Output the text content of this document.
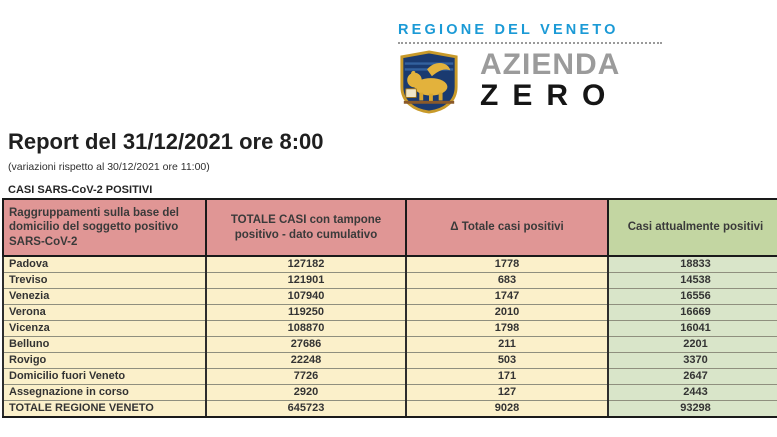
REGIONE DEL VENETO
AZIENDA
ZERO
Report del 31/12/2021 ore 8:00
(variazioni rispetto al 30/12/2021 ore 11:00)
CASI SARS-CoV-2 POSITIVI
Raggruppamenti sulla base del domicilio del soggetto positivo SARS-CoV-2	TOTALE CASI con tampone positivo - dato cumulativo	Δ Totale casi positivi	Casi attualmente positivi
Padova	127182	1778	18833
Treviso	121901	683	14538
Venezia	107940	1747	16556
Verona	119250	2010	16669
Vicenza	108870	1798	16041
Belluno	27686	211	2201
Rovigo	22248	503	3370
Domicilio fuori Veneto	7726	171	2647
Assegnazione in corso	2920	127	2443
TOTALE REGIONE VENETO	645723	9028	93298
